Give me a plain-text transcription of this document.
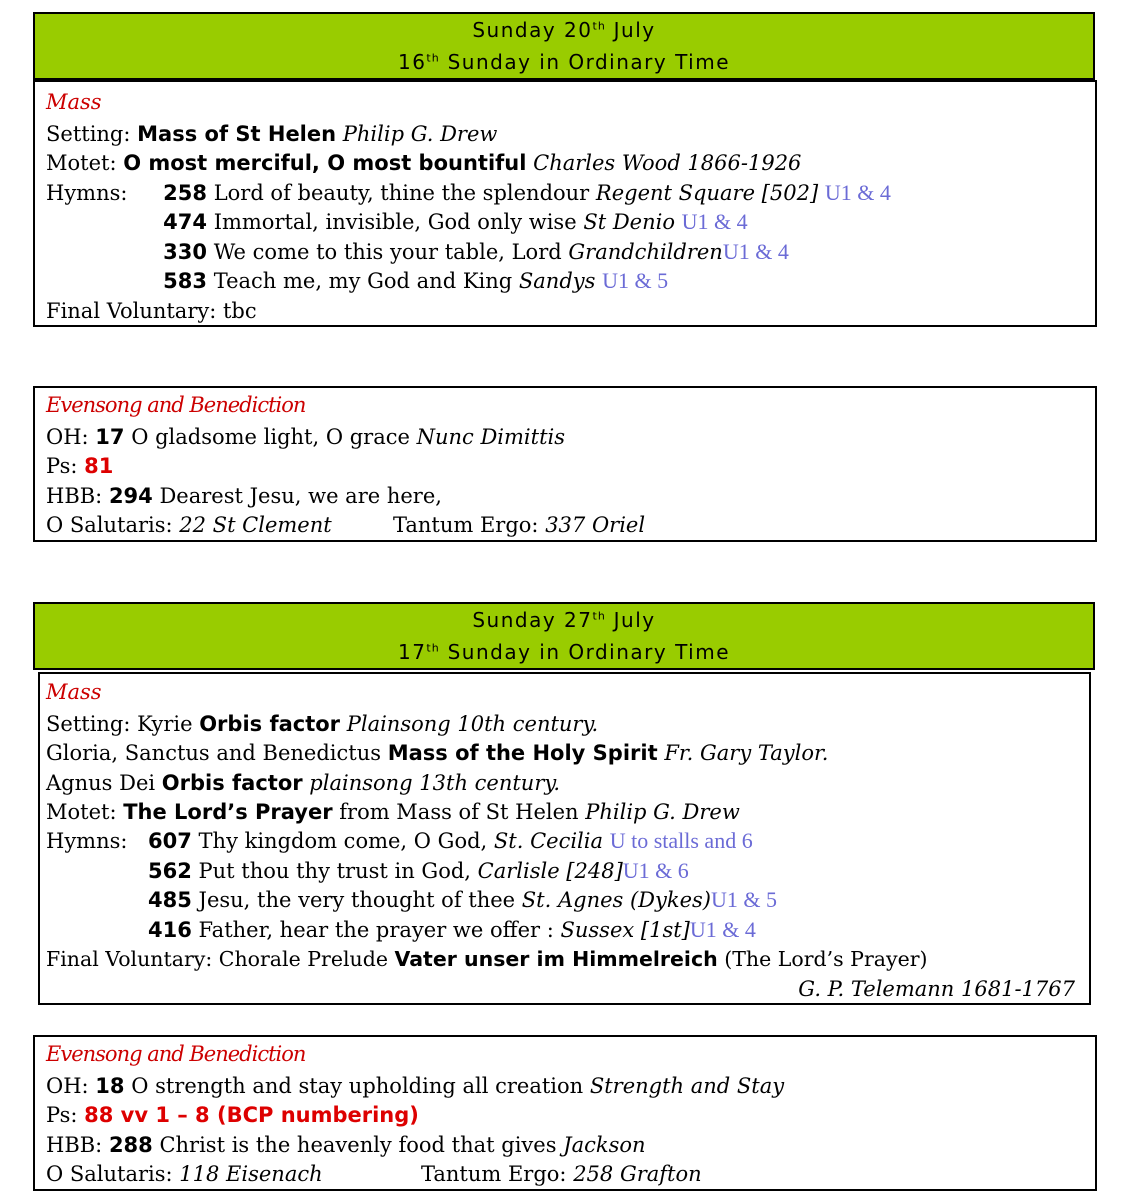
Sunday 20th July
16th Sunday in Ordinary Time
Mass
Setting: Mass of St Helen Philip G. Drew
Motet: O most merciful, O most bountiful Charles Wood 1866-1926
Hymns:	258 Lord of beauty, thine the splendour Regent Square [502] U1 & 4
474 Immortal, invisible, God only wise St Denio U1 & 4
330 We come to this your table, Lord GrandchildrenU1 & 4
583 Teach me, my God and King Sandys U1 & 5
Final Voluntary: tbc
Evensong and Benediction
OH: 17 O gladsome light, O grace Nunc Dimittis
Ps: 81
HBB: 294 Dearest Jesu, we are here,
O Salutaris: 22 St Clement	Tantum Ergo: 337 Oriel
Sunday 27th July
17th Sunday in Ordinary Time
Mass
Setting: Kyrie Orbis factor Plainsong 10th century.
Gloria, Sanctus and Benedictus Mass of the Holy Spirit Fr. Gary Taylor.
Agnus Dei Orbis factor plainsong 13th century.
Motet: The Lord’s Prayer from Mass of St Helen Philip G. Drew
Hymns: 607 Thy kingdom come, O God, St. Cecilia U to stalls and 6
562 Put thou thy trust in God, Carlisle [248]U1 & 6
485 Jesu, the very thought of thee St. Agnes (Dykes)U1 & 5
416 Father, hear the prayer we offer : Sussex [1st]U1 & 4
Final Voluntary: Chorale Prelude Vater unser im Himmelreich (The Lord’s Prayer)
G. P. Telemann 1681-1767
Evensong and Benediction
OH: 18 O strength and stay upholding all creation Strength and Stay
Ps: 88 vv 1 – 8 (BCP numbering)
HBB: 288 Christ is the heavenly food that gives Jackson
O Salutaris: 118 Eisenach	Tantum Ergo: 258 Grafton
